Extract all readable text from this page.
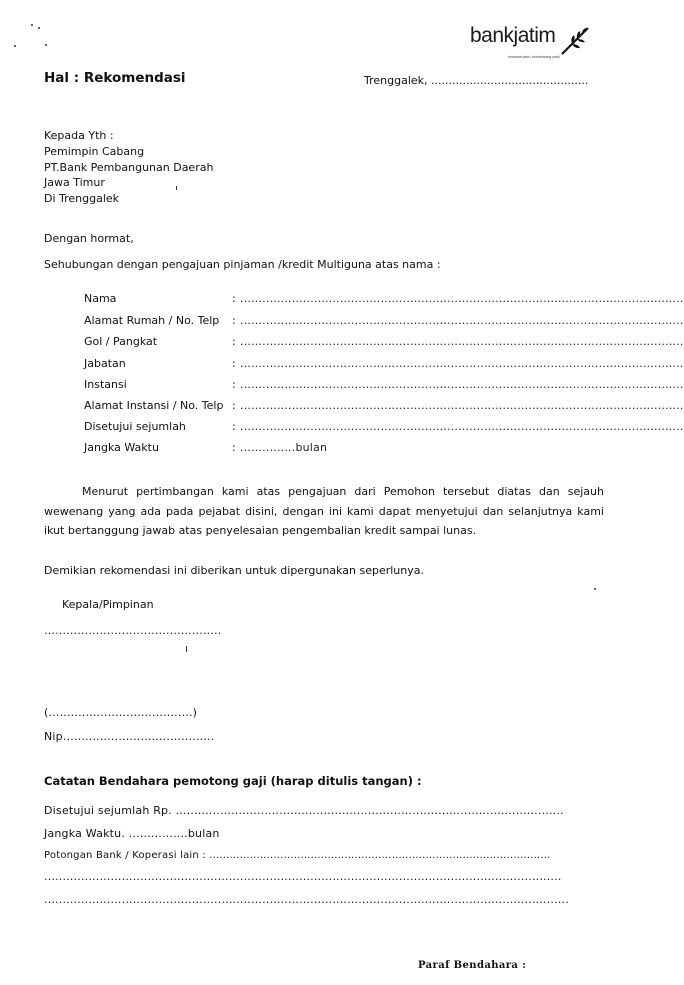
bankjatim
bersama kami, berkembang pasti
Hal : Rekomendasi	Trenggalek, .............................................
Kepada Yth :
Pemimpin Cabang
PT.Bank Pembangunan Daerah
Jawa Timur
Di Trenggalek
Dengan hormat,
Sehubungan dengan pengajuan pinjaman /kredit Multiguna atas nama :
Nama	: ........................................................................................................................
Alamat Rumah / No. Telp : ........................................................................................................................
Gol / Pangkat	: ........................................................................................................................
Jabatan	: ........................................................................................................................
Instansi	: ........................................................................................................................
Alamat Instansi / No. Telp : ........................................................................................................................
Disetujui sejumlah	: ........................................................................................................................
Jangka Waktu	: ...............bulan
Menurut pertimbangan kami atas pengajuan dari Pemohon tersebut diatas dan sejauh wewenang yang ada pada pejabat disini, dengan ini kami dapat menyetujui dan selanjutnya kami ikut bertanggung jawab atas penyelesaian pengembalian kredit sampai lunas.
Demikian rekomendasi ini diberikan untuk dipergunakan seperlunya.
Kepala/Pimpinan
................................................
(.......................................)
Nip.........................................
Catatan Bendahara pemotong gaji (harap ditulis tangan) :
Disetujui sejumlah Rp. .........................................................................................................
Jangka Waktu. ................bulan
Potongan Bank / Koperasi lain : .....................................................................................................
............................................................................................................................................
..............................................................................................................................................
Paraf Bendahara :
